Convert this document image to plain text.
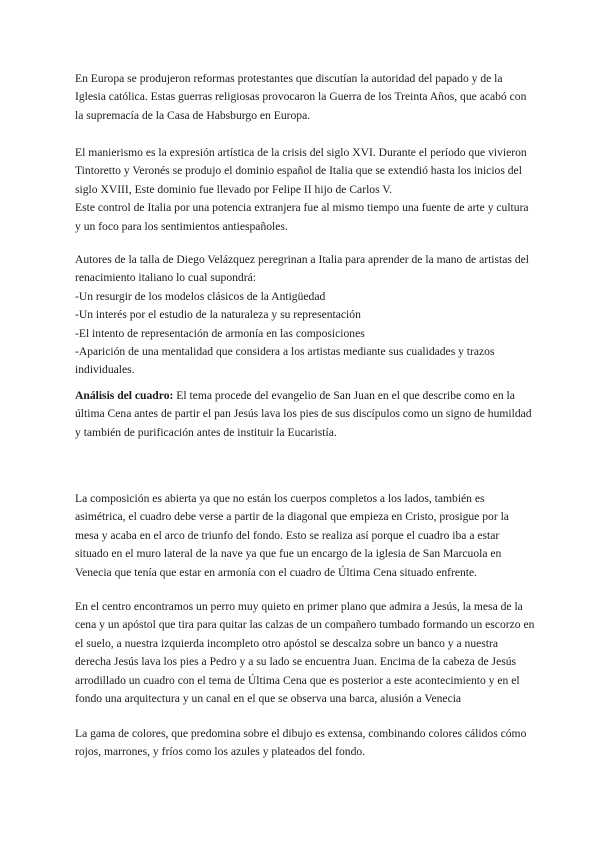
En Europa se produjeron reformas protestantes que discutían la autoridad del papado y de la Iglesia católica. Estas guerras religiosas provocaron la Guerra de los Treinta Años, que acabó con la supremacía de la Casa de Habsburgo en Europa.

El manierismo es la expresión artística de la crisis del siglo XVI. Durante el período que vivieron Tintoretto y Veronés se produjo el dominio español de Italia que se extendió hasta los inicios del siglo XVIII, Este dominio fue llevado por Felipe II hijo de Carlos V.

Este control de Italia por una potencia extranjera fue al mismo tiempo una fuente de arte y cultura y un foco para los sentimientos antiespañoles.

Autores de la talla de Diego Velázquez peregrinan a Italia para aprender de la mano de artistas del renacimiento italiano lo cual supondrá:

-Un resurgir de los modelos clásicos de la Antigüedad

-Un interés por el estudio de la naturaleza y su representación

-El intento de representación de armonía en las composiciones

-Aparición de una mentalidad que considera a los artistas mediante sus cualidades y trazos individuales.

Análisis del cuadro: El tema procede del evangelio de San Juan en el que describe como en la última Cena antes de partir el pan Jesús lava los pies de sus discípulos como un signo de humildad y también de purificación antes de instituir la Eucaristía.

La composición es abierta ya que no están los cuerpos completos a los lados, también es asimétrica, el cuadro debe verse a partir de la diagonal que empieza en Cristo, prosigue por la mesa y acaba en el arco de triunfo del fondo. Esto se realiza así porque el cuadro iba a estar situado en el muro lateral de la nave ya que fue un encargo de la iglesia de San Marcuola en Venecia que tenía que estar en armonía con el cuadro de Última Cena situado enfrente.

En el centro encontramos un perro muy quieto en primer plano que admira a Jesús, la mesa de la cena y un apóstol que tira para quitar las calzas de un compañero tumbado formando un escorzo en el suelo, a nuestra izquierda incompleto otro apóstol se descalza sobre un banco y a nuestra derecha Jesús lava los pies a Pedro y a su lado se encuentra Juan. Encima de la cabeza de Jesús arrodillado un cuadro con el tema de Última Cena que es posterior a este acontecimiento y en el fondo una arquitectura y un canal en el que se observa una barca, alusión a Venecia

La gama de colores, que predomina sobre el dibujo es extensa, combinando colores cálidos cómo rojos, marrones, y fríos como los azules y plateados del fondo.
